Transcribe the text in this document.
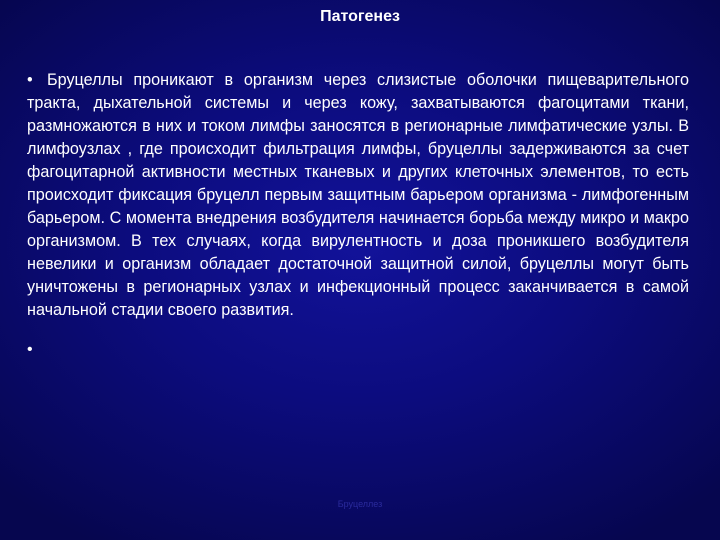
Патогенез

• Бруцеллы проникают в организм через слизистые оболочки пищеварительного тракта, дыхательной системы и через кожу, захватываются фагоцитами ткани, размножаются в них и током лимфы заносятся в регионарные лимфатические узлы. В лимфоузлах , где происходит фильтрация лимфы, бруцеллы задерживаются за счет фагоцитарной активности местных тканевых и других клеточных элементов, то есть происходит фиксация бруцелл первым защитным барьером организма - лимфогенным барьером. С момента внедрения возбудителя начинается борьба между микро и макро организмом. В тех случаях, когда вирулентность и доза проникшего возбудителя невелики и организм обладает достаточной защитной силой, бруцеллы могут быть уничтожены в регионарных узлах и инфекционный процесс заканчивается в самой начальной стадии своего развития.

•

Бруцеллез
